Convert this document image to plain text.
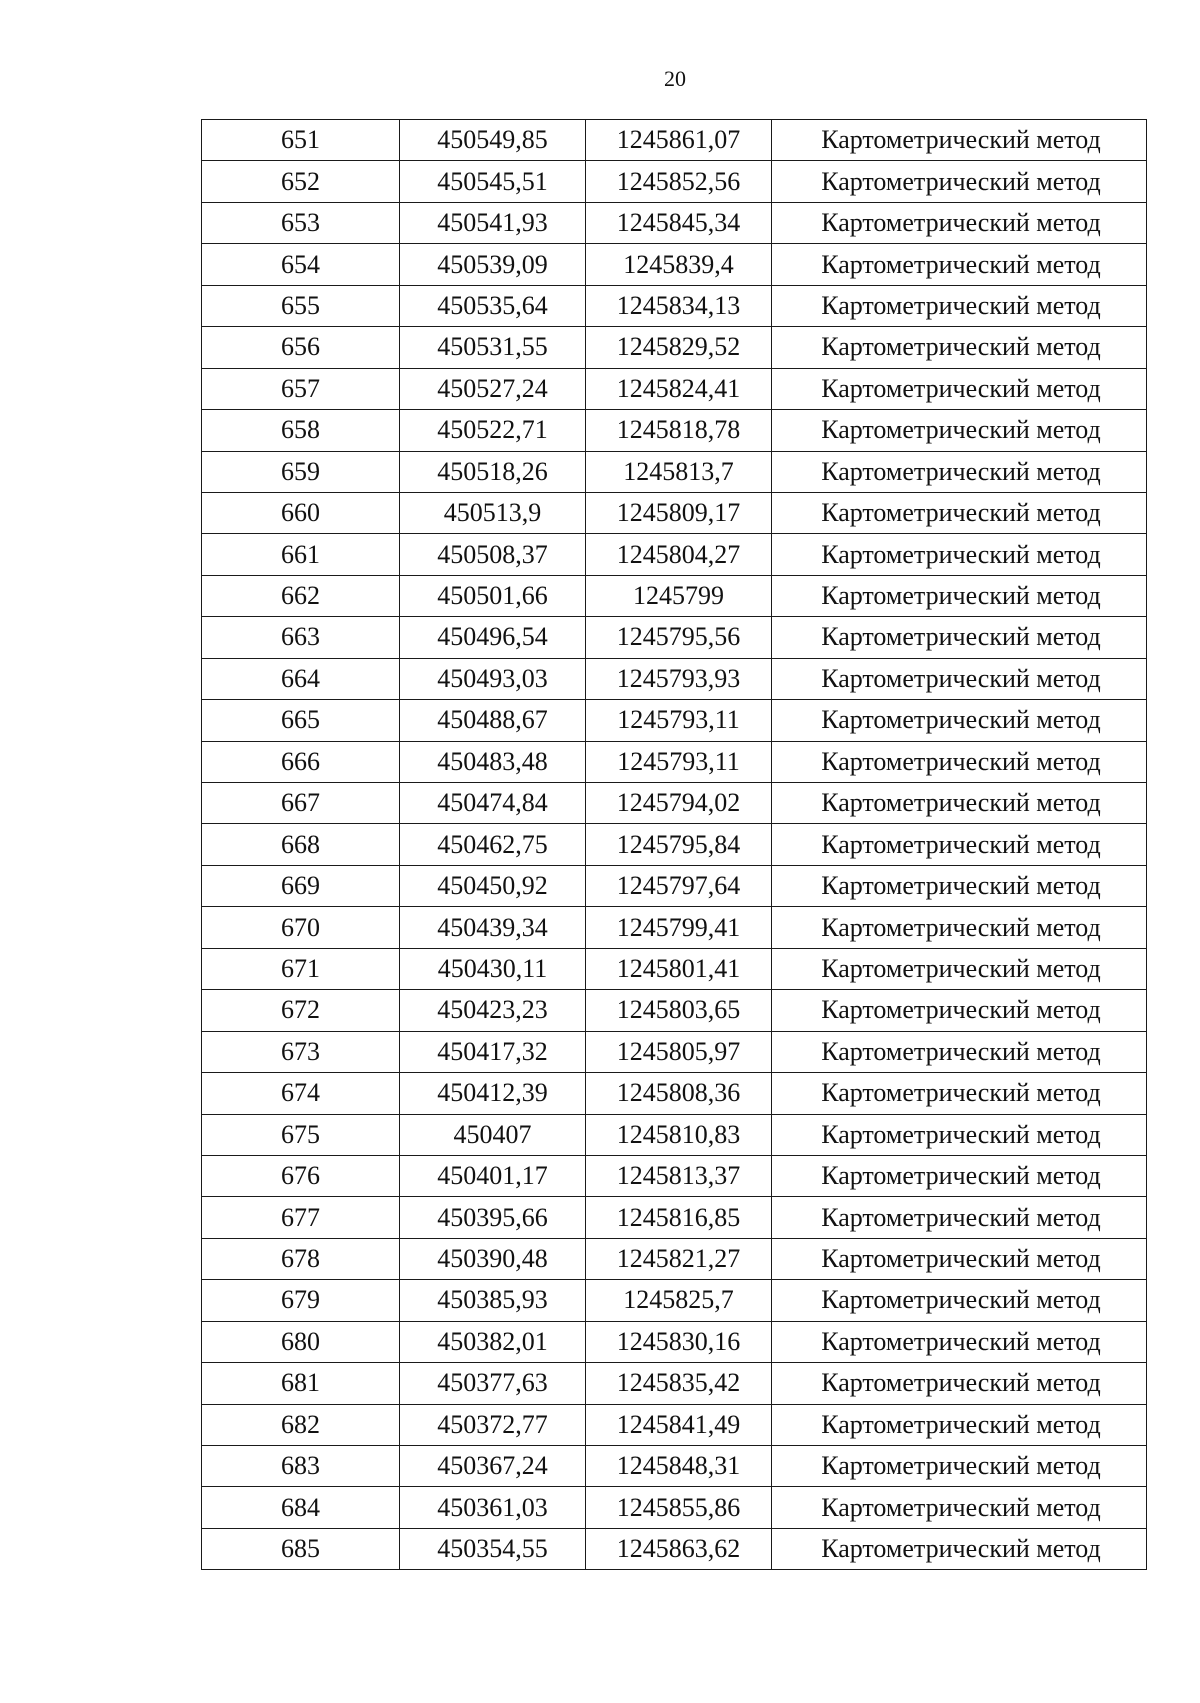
20
651	450549,85	1245861,07	Картометрический метод
652	450545,51	1245852,56	Картометрический метод
653	450541,93	1245845,34	Картометрический метод
654	450539,09	1245839,4	Картометрический метод
655	450535,64	1245834,13	Картометрический метод
656	450531,55	1245829,52	Картометрический метод
657	450527,24	1245824,41	Картометрический метод
658	450522,71	1245818,78	Картометрический метод
659	450518,26	1245813,7	Картометрический метод
660	450513,9	1245809,17	Картометрический метод
661	450508,37	1245804,27	Картометрический метод
662	450501,66	1245799	Картометрический метод
663	450496,54	1245795,56	Картометрический метод
664	450493,03	1245793,93	Картометрический метод
665	450488,67	1245793,11	Картометрический метод
666	450483,48	1245793,11	Картометрический метод
667	450474,84	1245794,02	Картометрический метод
668	450462,75	1245795,84	Картометрический метод
669	450450,92	1245797,64	Картометрический метод
670	450439,34	1245799,41	Картометрический метод
671	450430,11	1245801,41	Картометрический метод
672	450423,23	1245803,65	Картометрический метод
673	450417,32	1245805,97	Картометрический метод
674	450412,39	1245808,36	Картометрический метод
675	450407	1245810,83	Картометрический метод
676	450401,17	1245813,37	Картометрический метод
677	450395,66	1245816,85	Картометрический метод
678	450390,48	1245821,27	Картометрический метод
679	450385,93	1245825,7	Картометрический метод
680	450382,01	1245830,16	Картометрический метод
681	450377,63	1245835,42	Картометрический метод
682	450372,77	1245841,49	Картометрический метод
683	450367,24	1245848,31	Картометрический метод
684	450361,03	1245855,86	Картометрический метод
685	450354,55	1245863,62	Картометрический метод
